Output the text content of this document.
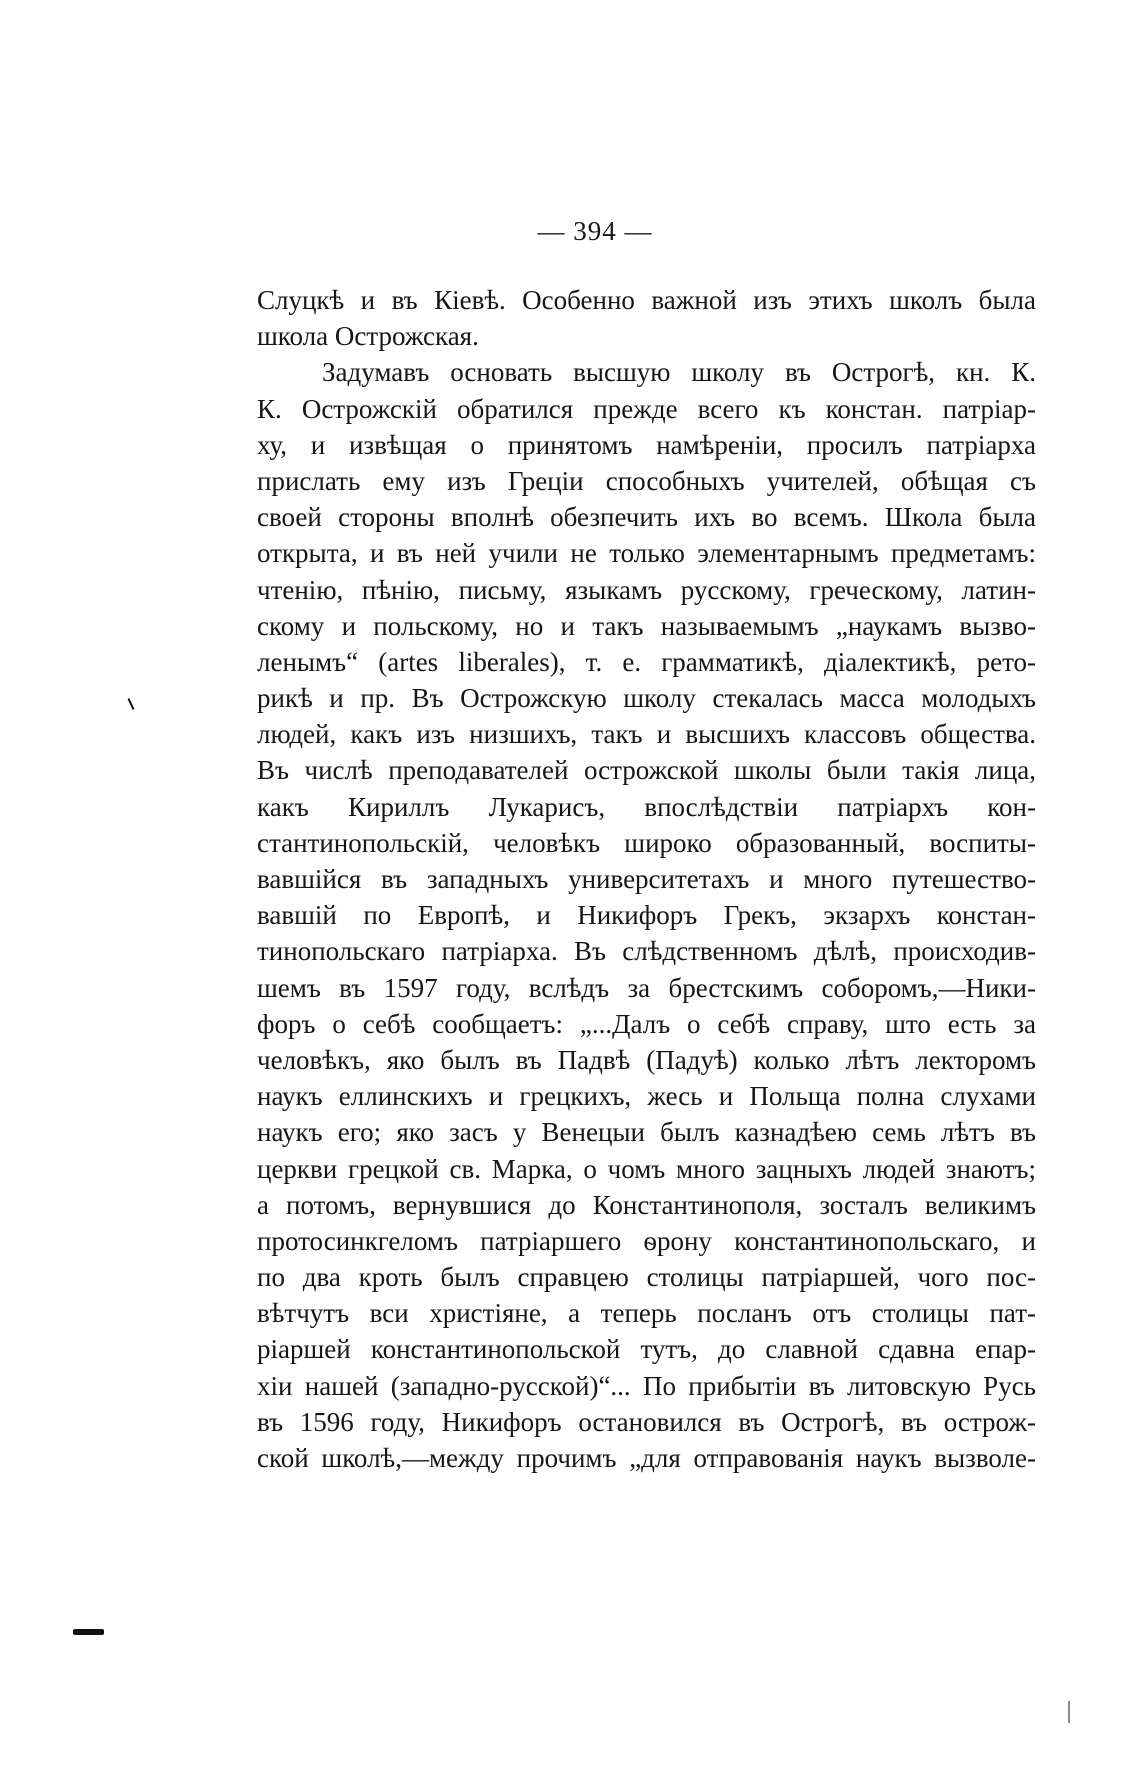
— 394 —
Слуцкѣ и въ Кіевѣ. Особенно важной изъ этихъ школъ была
школа Острожская.
Задумавъ основать высшую школу въ Острогѣ, кн. К.
К. Острожскій обратился прежде всего къ констан. патріар-
ху, и извѣщая о принятомъ намѣреніи, просилъ патріарха
прислать ему изъ Греціи способныхъ учителей, обѣщая съ
своей стороны вполнѣ обезпечить ихъ во всемъ. Школа была
открыта, и въ ней учили не только элементарнымъ предметамъ:
чтенію, пѣнію, письму, языкамъ русскому, греческому, латин-
скому и польскому, но и такъ называемымъ „наукамъ вызво-
ленымъ“ (artes liberales), т. е. грамматикѣ, діалектикѣ, рето-
рикѣ и пр. Въ Острожскую школу стекалась масса молодыхъ
людей, какъ изъ низшихъ, такъ и высшихъ классовъ общества.
Въ числѣ преподавателей острожской школы были такія лица,
какъ Кириллъ Лукарисъ, впослѣдствіи патріархъ кон-
стантинопольскій, человѣкъ широко образованный, воспиты-
вавшійся въ западныхъ университетахъ и много путешество-
вавшій по Европѣ, и Никифоръ Грекъ, экзархъ констан-
тинопольскаго патріарха. Въ слѣдственномъ дѣлѣ, происходив-
шемъ въ 1597 году, вслѣдъ за брестскимъ соборомъ,—Ники-
форъ о себѣ сообщаетъ: „...Далъ о себѣ справу, што есть за
человѣкъ, яко былъ въ Падвѣ (Падуѣ) колько лѣтъ лекторомъ
наукъ еллинскихъ и грецкихъ, жесь и Польща полна слухами
наукъ его; яко засъ у Венецыи былъ казнадѣею семь лѣтъ въ
церкви грецкой св. Марка, о чомъ много зацныхъ людей знаютъ;
а потомъ, вернувшися до Константинополя, зосталъ великимъ
протосинкгеломъ патріаршего ѳрону константинопольскаго, и
по два кроть былъ справцею столицы патріаршей, чого пос-
вѣтчутъ вси христіяне, а теперь посланъ отъ столицы пат-
ріаршей константинопольской тутъ, до славной сдавна епар-
хіи нашей (западно-русской)“... По прибытіи въ литовскую Русь
въ 1596 году, Никифоръ остановился въ Острогѣ, въ острож-
ской школѣ,—между прочимъ „для отправованія наукъ вызволе-
